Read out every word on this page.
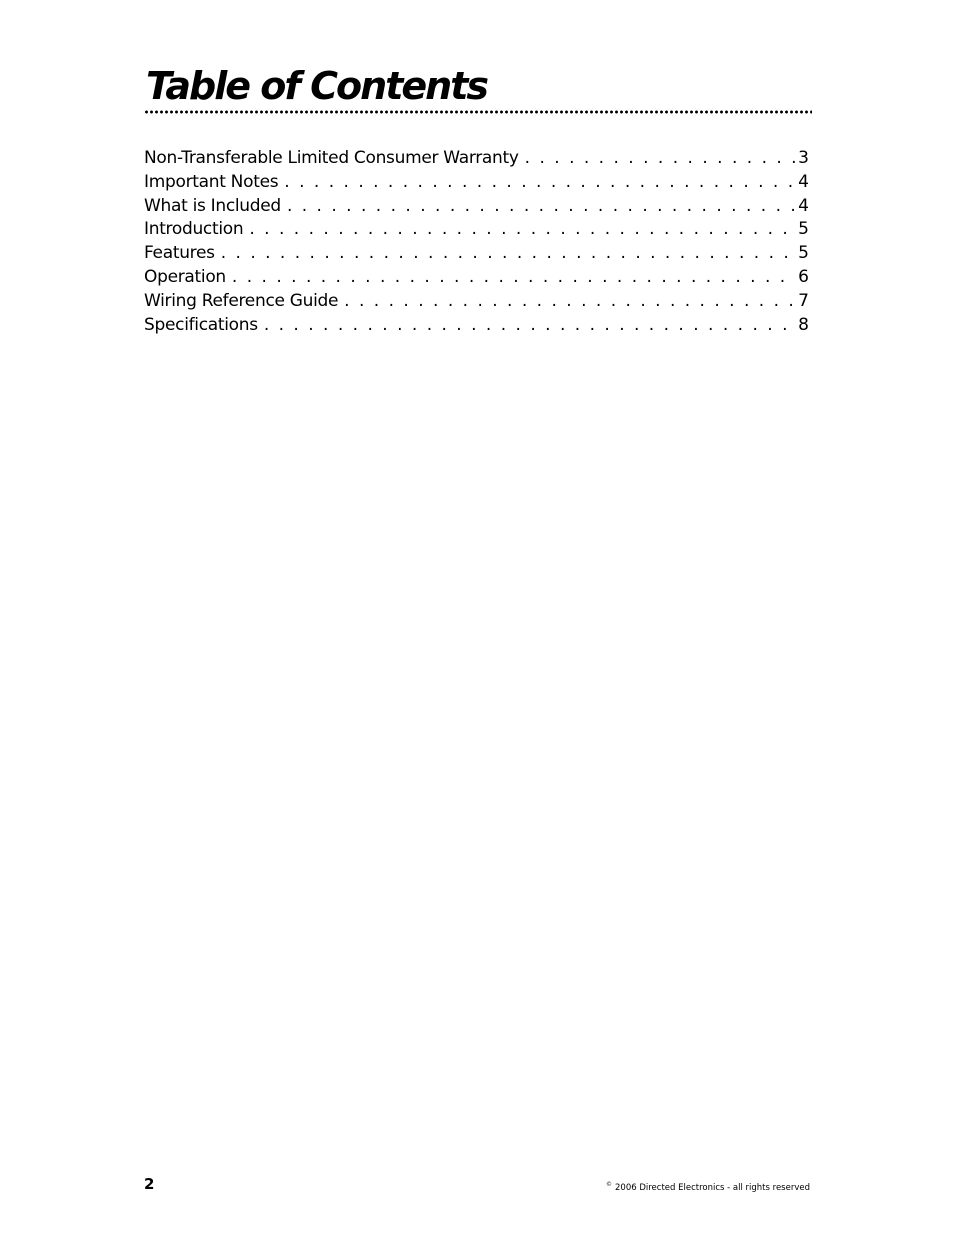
Table of Contents
Non-Transferable Limited Consumer Warranty . . .	3
Important Notes . . .	4
What is Included . . .	4
Introduction . . .	5
Features . . .	5
Operation . . .	6
Wiring Reference Guide . . .	7
Specifications . . .	8
2	© 2006 Directed Electronics - all rights reserved
